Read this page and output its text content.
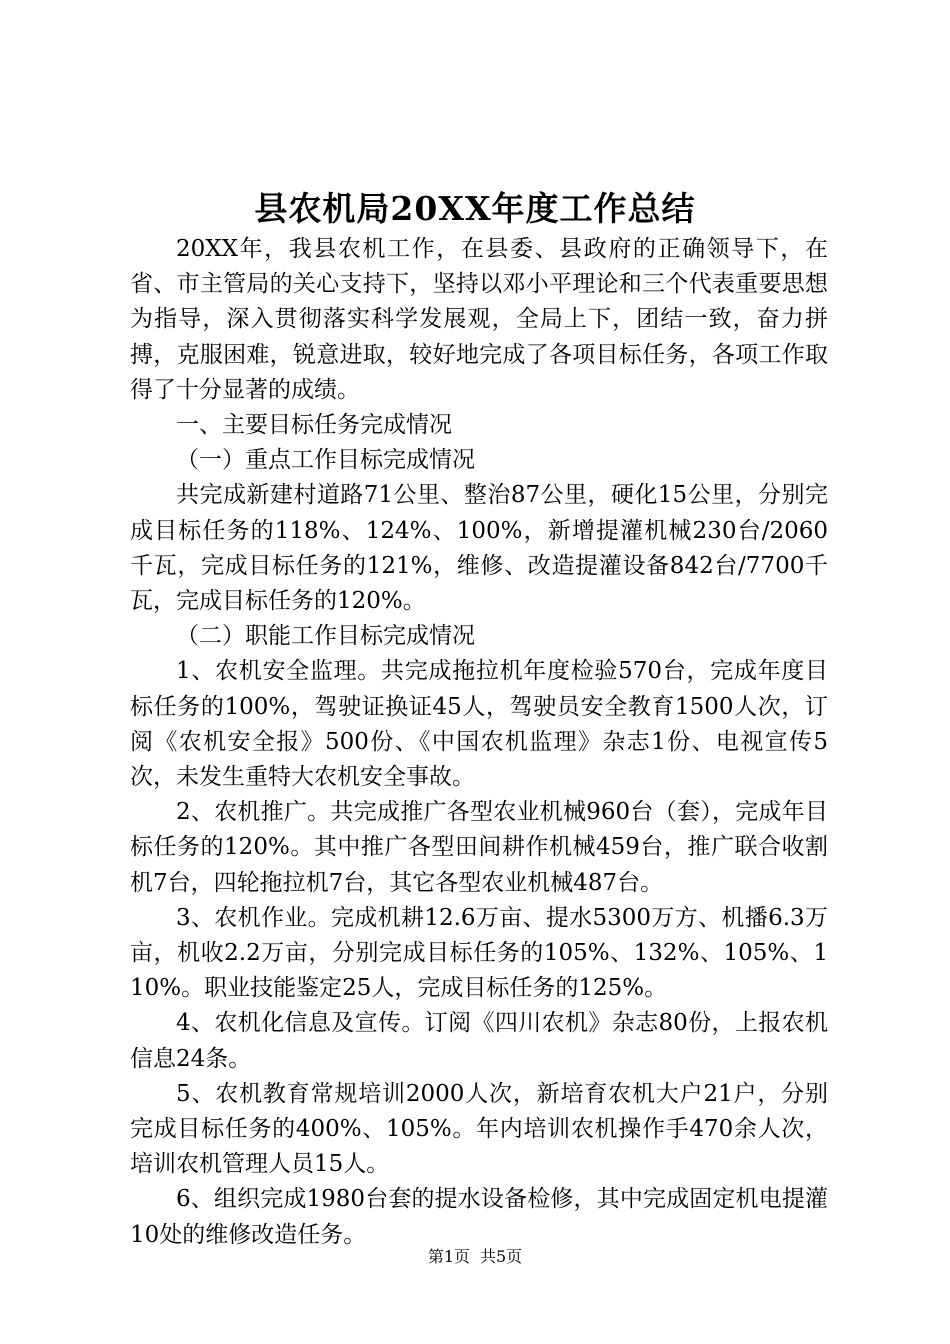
县农机局20XX年度工作总结

20XX年，我县农机工作，在县委、县政府的正确领导下，在省、市主管局的关心支持下，坚持以邓小平理论和三个代表重要思想为指导，深入贯彻落实科学发展观，全局上下，团结一致，奋力拼搏，克服困难，锐意进取，较好地完成了各项目标任务，各项工作取得了十分显著的成绩。

一、主要目标任务完成情况

（一）重点工作目标完成情况

共完成新建村道路71公里、整治87公里，硬化15公里，分别完成目标任务的118%、124%、100%，新增提灌机械230台/2060千瓦，完成目标任务的121%，维修、改造提灌设备842台/7700千瓦，完成目标任务的120%。

（二）职能工作目标完成情况

1、农机安全监理。共完成拖拉机年度检验570台，完成年度目标任务的100%，驾驶证换证45人，驾驶员安全教育1500人次，订阅《农机安全报》500份、《中国农机监理》杂志1份、电视宣传5次，未发生重特大农机安全事故。

2、农机推广。共完成推广各型农业机械960台（套），完成年目标任务的120%。其中推广各型田间耕作机械459台，推广联合收割机7台，四轮拖拉机7台，其它各型农业机械487台。

3、农机作业。完成机耕12.6万亩、提水5300万方、机播6.3万亩，机收2.2万亩，分别完成目标任务的105%、132%、105%、110%。职业技能鉴定25人，完成目标任务的125%。

4、农机化信息及宣传。订阅《四川农机》杂志80份，上报农机信息24条。

5、农机教育常规培训2000人次，新培育农机大户21户，分别完成目标任务的400%、105%。年内培训农机操作手470余人次，培训农机管理人员15人。

6、组织完成1980台套的提水设备检修，其中完成固定机电提灌10处的维修改造任务。

第1页 共5页
